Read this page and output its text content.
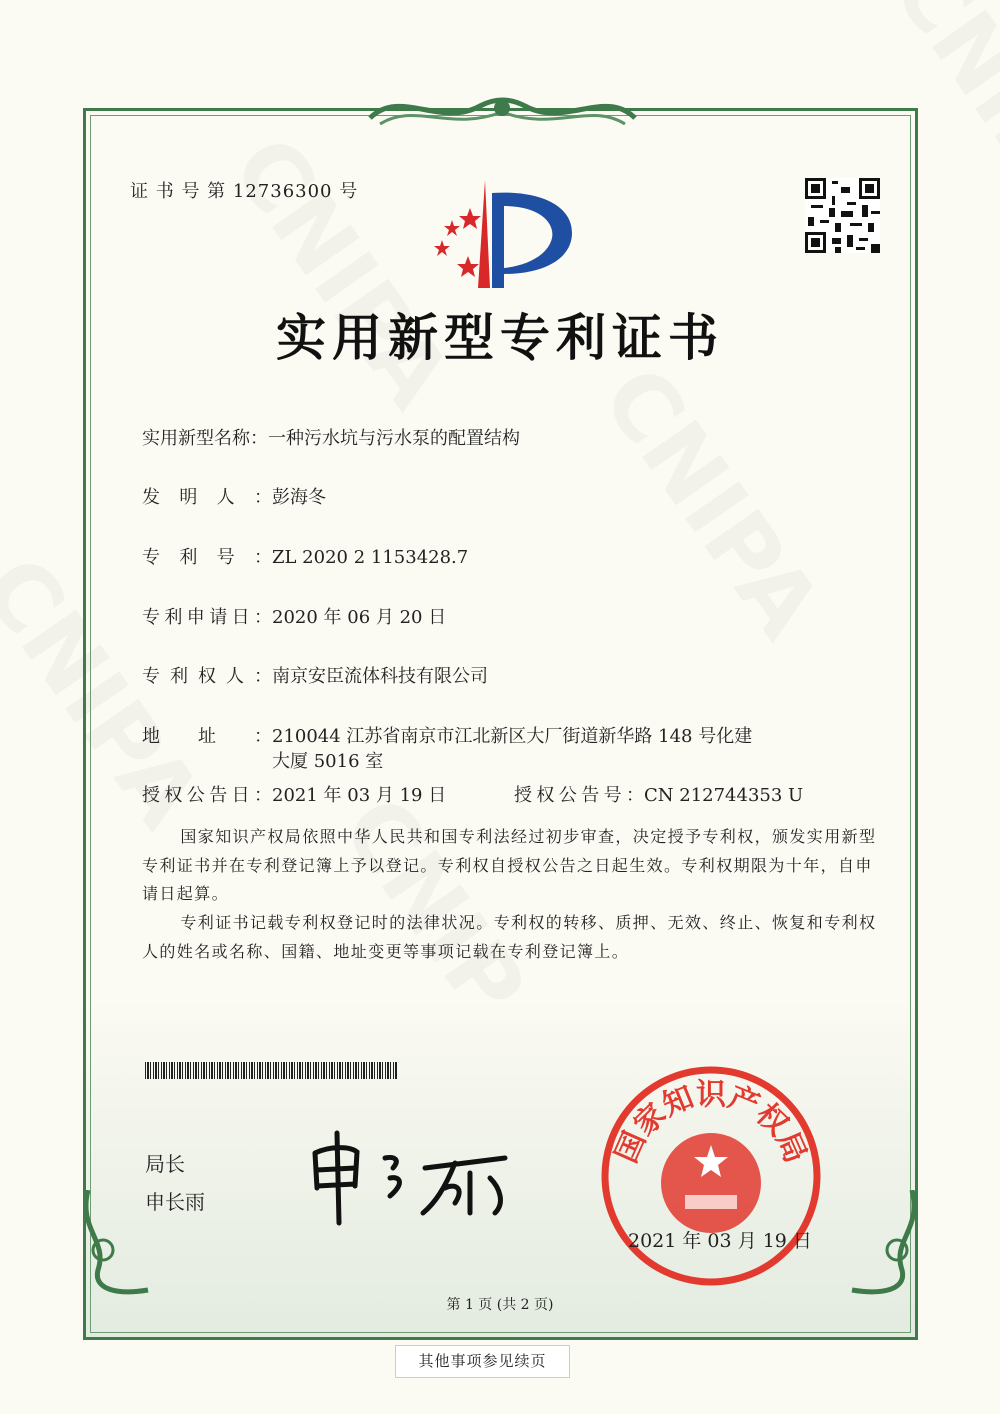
证 书 号 第 12736300 号
实用新型专利证书
实用新型名称：一种污水坑与污水泵的配置结构
发明人：彭海冬
专利号：ZL 2020 2 1153428.7
专利申请日：2020 年 06 月 20 日
专利权人：南京安臣流体科技有限公司
地址：210044 江苏省南京市江北新区大厂街道新华路 148 号化建
大厦 5016 室
授权公告日：2021 年 03 月 19 日	授权公告号：CN 212744353 U
国家知识产权局依照中华人民共和国专利法经过初步审查，决定授予专利权，颁发实用新型专利证书并在专利登记簿上予以登记。专利权自授权公告之日起生效。专利权期限为十年，自申请日起算。
专利证书记载专利权登记时的法律状况。专利权的转移、质押、无效、终止、恢复和专利权人的姓名或名称、国籍、地址变更等事项记载在专利登记簿上。
局长
申长雨
国家知识产权局
2021 年 03 月 19 日
第 1 页 (共 2 页)
其他事项参见续页
